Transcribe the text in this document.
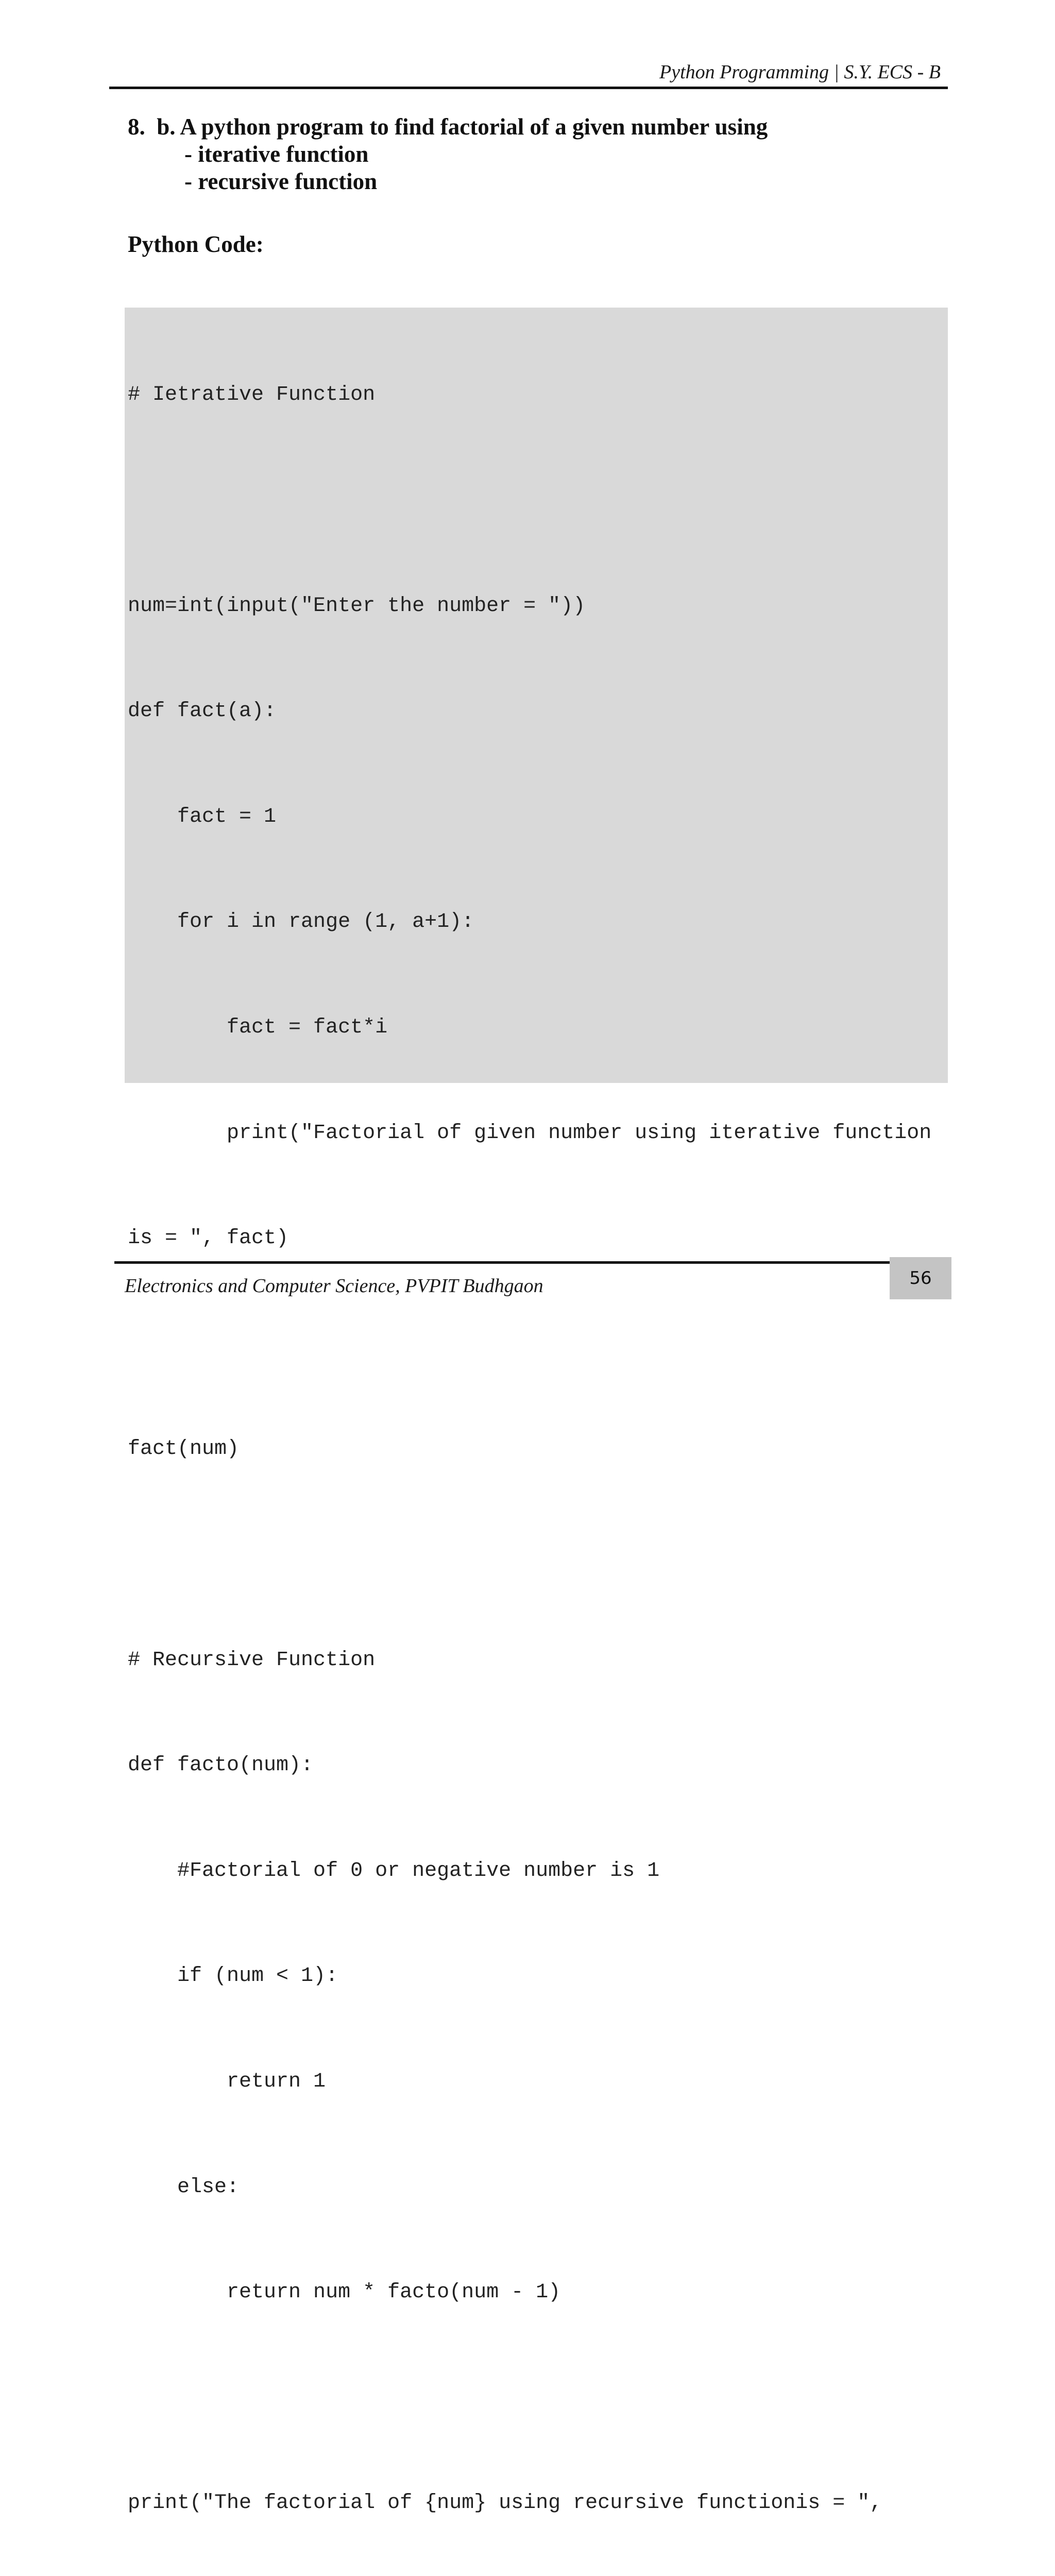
Python Programming | S.Y. ECS - B
8.  b. A python program to find factorial of a given number using
- iterative function
- recursive function
Python Code:

# Ietrative Function

num=int(input("Enter the number = "))

def fact(a):

fact = 1

for i in range (1, a+1):

fact = fact*i

print("Factorial of given number using iterative function

is = ", fact)

fact(num)

# Recursive Function

def facto(num):

#Factorial of 0 or negative number is 1

if (num < 1):

return 1

else:

return num * facto(num - 1)

print("The factorial of {num} using recursive functionis = ",

Electronics and Computer Science, PVPIT Budhgaon	56
